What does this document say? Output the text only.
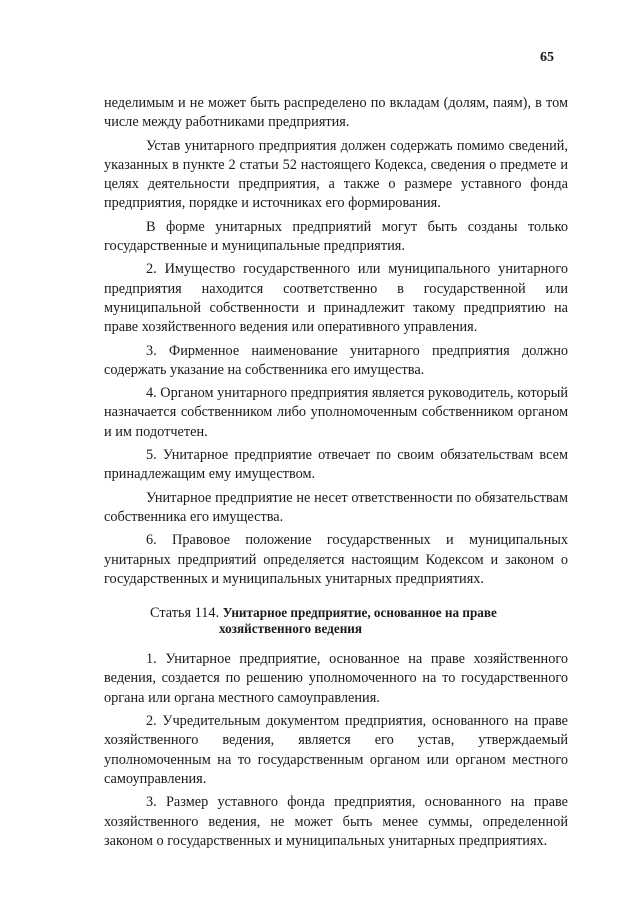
65

неделимым и не может быть распределено по вкладам (долям, паям), в том числе между работниками предприятия.

Устав унитарного предприятия должен содержать помимо сведений, указанных в пункте 2 статьи 52 настоящего Кодекса, сведения о предмете и целях деятельности предприятия, а также о размере уставного фонда предприятия, порядке и источниках его формирования.

В форме унитарных предприятий могут быть созданы только государственные и муниципальные предприятия.

2. Имущество государственного или муниципального унитарного предприятия находится соответственно в государственной или муниципальной собственности и принадлежит такому предприятию на праве хозяйственного ведения или оперативного управления.

3. Фирменное наименование унитарного предприятия должно содержать указание на собственника его имущества.

4. Органом унитарного предприятия является руководитель, который назначается собственником либо уполномоченным собственником органом и им подотчетен.

5. Унитарное предприятие отвечает по своим обязательствам всем принадлежащим ему имуществом.

Унитарное предприятие не несет ответственности по обязательствам собственника его имущества.

6. Правовое положение государственных и муниципальных унитарных предприятий определяется настоящим Кодексом и законом о государственных и муниципальных унитарных предприятиях.

Статья 114. Унитарное предприятие, основанное на праве
хозяйственного ведения

1. Унитарное предприятие, основанное на праве хозяйственного ведения, создается по решению уполномоченного на то государственного органа или органа местного самоуправления.

2. Учредительным документом предприятия, основанного на праве хозяйственного ведения, является его устав, утверждаемый уполномоченным на то государственным органом или органом местного самоуправления.

3. Размер уставного фонда предприятия, основанного на праве хозяйственного ведения, не может быть менее суммы, определенной законом о государственных и муниципальных унитарных предприятиях.
